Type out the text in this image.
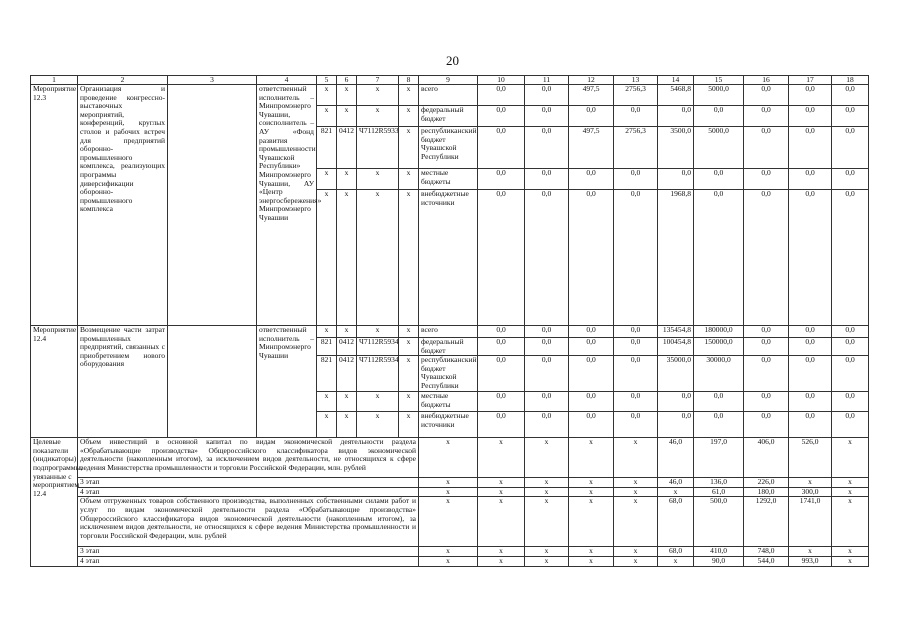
20
1	2	3	4	5	6	7	8	9	10	11	12	13	14	15	16	17	18
Мероприятие 12.3	Организация и проведение конгрессно-выставочных мероприятий, конференций, круглых столов и рабочих встреч для предприятий оборонно-промышленного комплекса, реализующих программы диверсификации оборонно-промышленного комплекса		ответственный исполнитель – Минпромэнерго Чувашии, соисполнитель – АУ «Фонд развития промышленности Чувашской Республики» Минпромэнерго Чувашии, АУ «Центр энергосбережения» Минпромэнерго Чувашии	x	x	x	x	всего	0,0	0,0	497,5	2756,3	5468,8	5000,0	0,0	0,0	0,0
				x	x	x	x	федеральный бюджет	0,0	0,0	0,0	0,0	0,0	0,0	0,0	0,0	0,0
				821	0412	Ч7112R5933	x	республиканский бюджет Чувашской Республики	0,0	0,0	497,5	2756,3	3500,0	5000,0	0,0	0,0	0,0
				x	x	x	x	местные бюджеты	0,0	0,0	0,0	0,0	0,0	0,0	0,0	0,0	0,0
				x	x	x	x	внебюджетные источники	0,0	0,0	0,0	0,0	1968,8	0,0	0,0	0,0	0,0
Мероприятие 12.4	Возмещение части затрат промышленных предприятий, связанных с приобретением нового оборудования		ответственный исполнитель – Минпромэнерго Чувашии	x	x	x	x	всего	0,0	0,0	0,0	0,0	135454,8	180000,0	0,0	0,0	0,0
				821	0412	Ч7112R5934	x	федеральный бюджет	0,0	0,0	0,0	0,0	100454,8	150000,0	0,0	0,0	0,0
				821	0412	Ч7112R5934	x	республиканский бюджет Чувашской Республики	0,0	0,0	0,0	0,0	35000,0	30000,0	0,0	0,0	0,0
				x	x	x	x	местные бюджеты	0,0	0,0	0,0	0,0	0,0	0,0	0,0	0,0	0,0
				x	x	x	x	внебюджетные источники	0,0	0,0	0,0	0,0	0,0	0,0	0,0	0,0	0,0
Целевые показатели (индикаторы) подпрограммы, увязанные с мероприятием 12.4	Объем инвестиций в основной капитал по видам экономической деятельности раздела «Обрабатывающие производства» Общероссийского классификатора видов экономической деятельности (накопленным итогом), за исключением видов деятельности, не относящихся к сфере ведения Министерства промышленности и торговли Российской Федерации, млн. рублей							x	x	x	x	x	46,0	197,0	406,0	526,0	x
	3 этап							x	x	x	x	x	46,0	136,0	226,0	x	x
	4 этап							x	x	x	x	x	x	61,0	180,0	300,0	x
	Объем отгруженных товаров собственного производства, выполненных собственными силами работ и услуг по видам экономической деятельности раздела «Обрабатывающие производства» Общероссийского классификатора видов экономической деятельности (накопленным итогом), за исключением видов деятельности, не относящихся к сфере ведения Министерства промышленности и торговли Российской Федерации, млн. рублей							x	x	x	x	x	68,0	500,0	1292,0	1741,0	x
	3 этап							x	x	x	x	x	68,0	410,0	748,0	x	x
	4 этап							x	x	x	x	x	x	90,0	544,0	993,0	x
